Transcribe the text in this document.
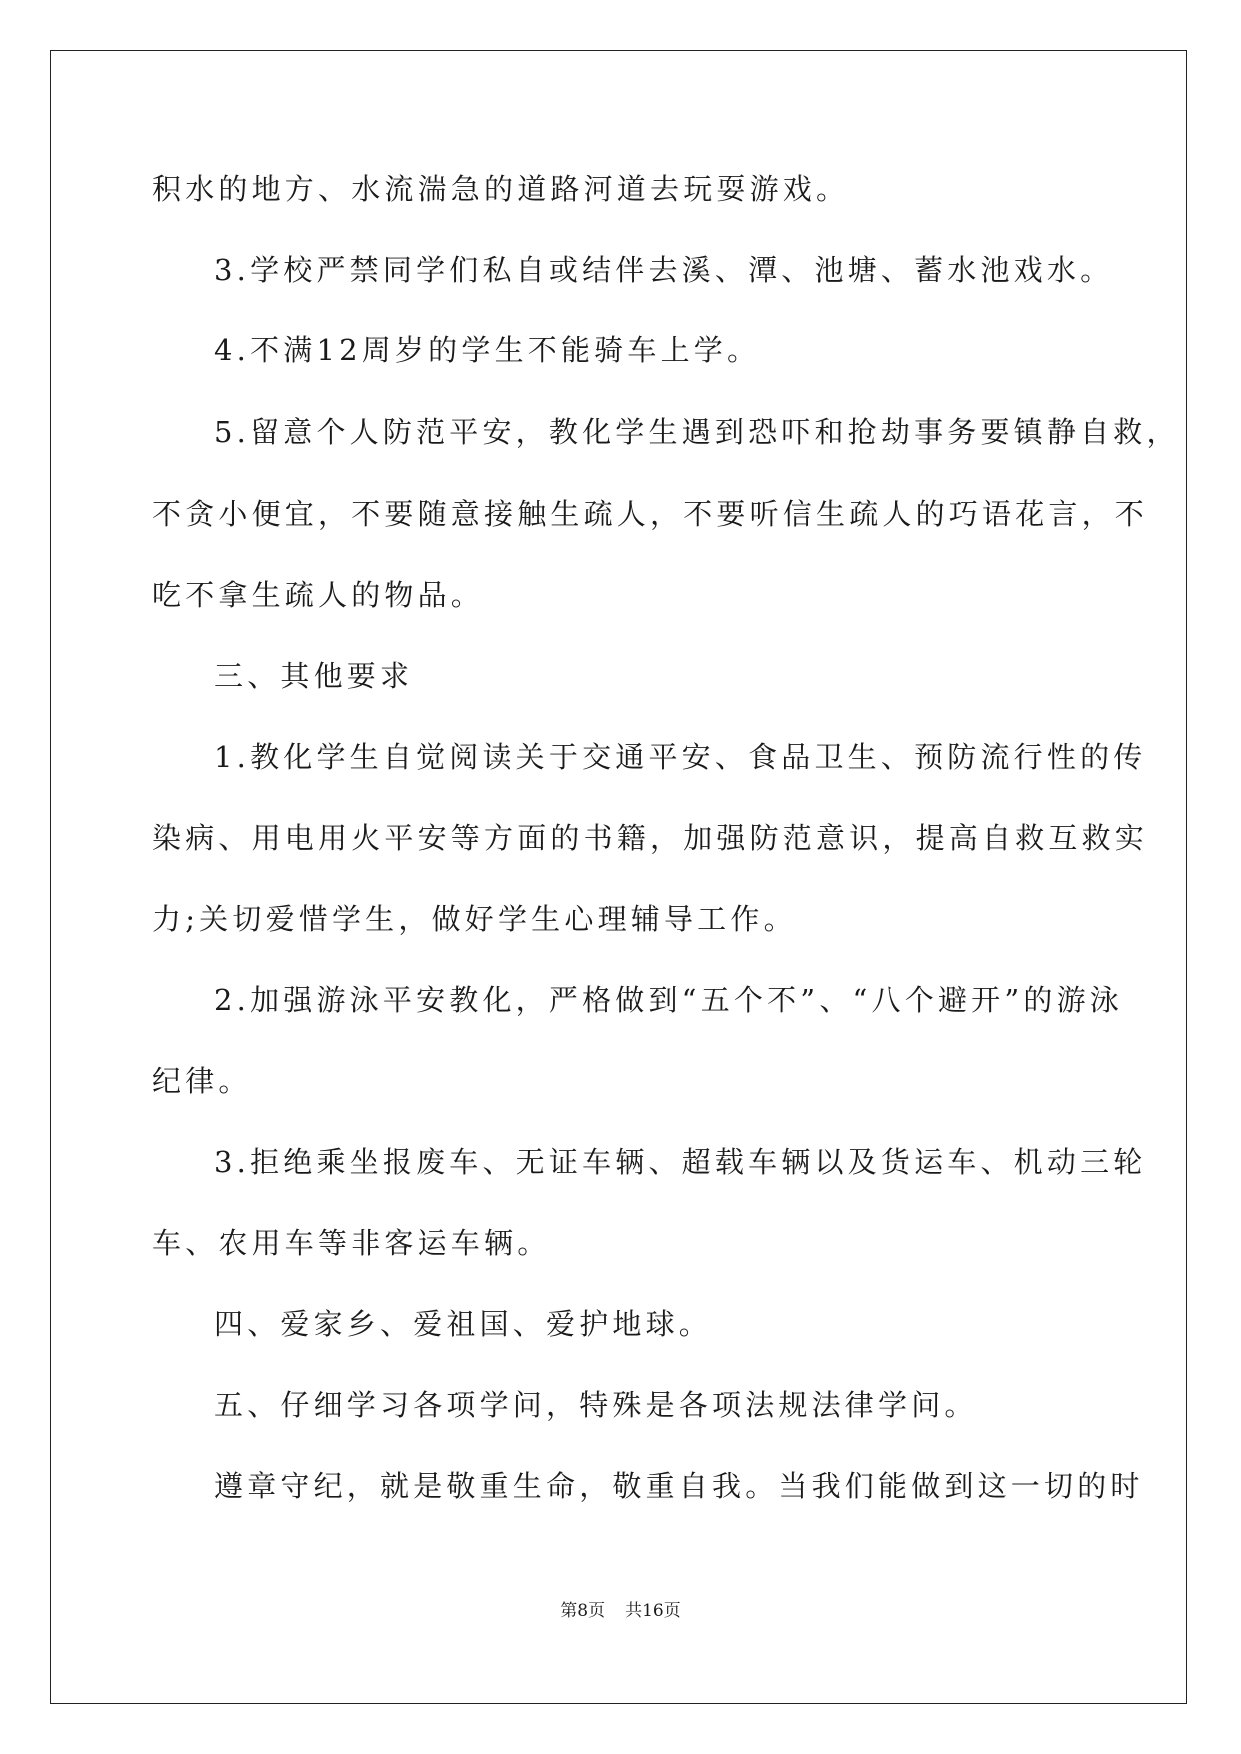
积水的地方、水流湍急的道路河道去玩耍游戏。
3.学校严禁同学们私自或结伴去溪、潭、池塘、蓄水池戏水。
4.不满12周岁的学生不能骑车上学。
5.留意个人防范平安，教化学生遇到恐吓和抢劫事务要镇静自救，
不贪小便宜，不要随意接触生疏人，不要听信生疏人的巧语花言，不
吃不拿生疏人的物品。
三、其他要求
1.教化学生自觉阅读关于交通平安、食品卫生、预防流行性的传
染病、用电用火平安等方面的书籍，加强防范意识，提高自救互救实
力;关切爱惜学生，做好学生心理辅导工作。
2.加强游泳平安教化，严格做到“五个不”、“八个避开”的游泳
纪律。
3.拒绝乘坐报废车、无证车辆、超载车辆以及货运车、机动三轮
车、农用车等非客运车辆。
四、爱家乡、爱祖国、爱护地球。
五、仔细学习各项学问，特殊是各项法规法律学问。
遵章守纪，就是敬重生命，敬重自我。当我们能做到这一切的时
第8页 共16页
